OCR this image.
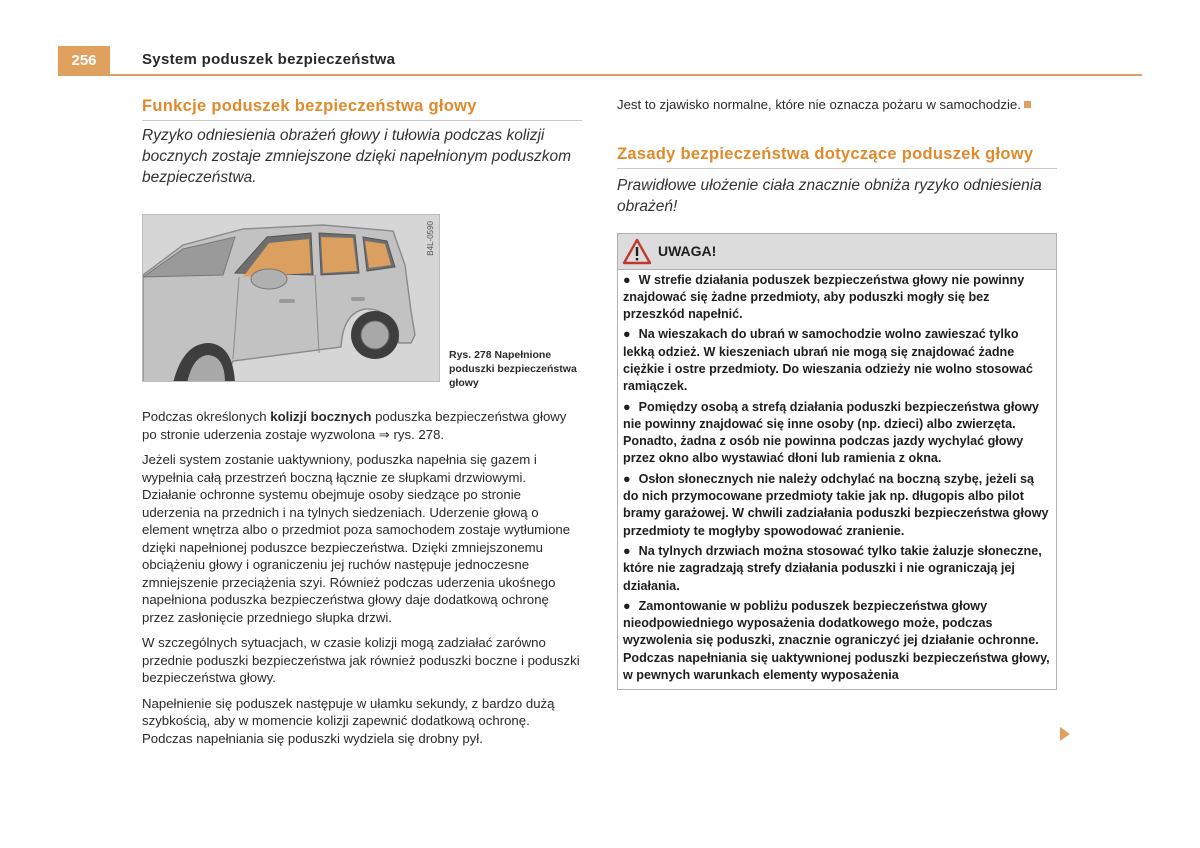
256	System poduszek bezpieczeństwa
Funkcje poduszek bezpieczeństwa głowy
Ryzyko odniesienia obrażeń głowy i tułowia podczas kolizji bocznych zostaje zmniejszone dzięki napełnionym poduszkom bezpieczeństwa.
B4L-0590
Rys. 278 Napełnione poduszki bezpieczeństwa głowy

Podczas określonych kolizji bocznych poduszka bezpieczeństwa głowy po stronie uderzenia zostaje wyzwolona ⇒ rys. 278.

Jeżeli system zostanie uaktywniony, poduszka napełnia się gazem i wypełnia całą przestrzeń boczną łącznie ze słupkami drzwiowymi. Działanie ochronne systemu obejmuje osoby siedzące po stronie uderzenia na przednich i na tylnych siedzeniach. Uderzenie głową o element wnętrza albo o przedmiot poza samochodem zostaje wytłumione dzięki napełnionej poduszce bezpieczeństwa. Dzięki zmniejszonemu obciążeniu głowy i ograniczeniu jej ruchów następuje jednoczesne zmniejszenie przeciążenia szyi. Również podczas uderzenia ukośnego napełniona poduszka bezpieczeństwa głowy daje dodatkową ochronę przez zasłonięcie przedniego słupka drzwi.

W szczególnych sytuacjach, w czasie kolizji mogą zadziałać zarówno przednie poduszki bezpieczeństwa jak również poduszki boczne i poduszki bezpieczeństwa głowy.

Napełnienie się poduszek następuje w ułamku sekundy, z bardzo dużą szybkością, aby w momencie kolizji zapewnić dodatkową ochronę. Podczas napełniania się poduszki wydziela się drobny pył.

Jest to zjawisko normalne, które nie oznacza pożaru w samochodzie.
Zasady bezpieczeństwa dotyczące poduszek głowy
Prawidłowe ułożenie ciała znacznie obniża ryzyko odniesienia obrażeń!
UWAGA!
● W strefie działania poduszek bezpieczeństwa głowy nie powinny znajdować się żadne przedmioty, aby poduszki mogły się bez przeszkód napełnić.
● Na wieszakach do ubrań w samochodzie wolno zawieszać tylko lekką odzież. W kieszeniach ubrań nie mogą się znajdować żadne ciężkie i ostre przedmioty. Do wieszania odzieży nie wolno stosować ramiączek.
● Pomiędzy osobą a strefą działania poduszki bezpieczeństwa głowy nie powinny znajdować się inne osoby (np. dzieci) albo zwierzęta. Ponadto, żadna z osób nie powinna podczas jazdy wychylać głowy przez okno albo wystawiać dłoni lub ramienia z okna.
● Osłon słonecznych nie należy odchylać na boczną szybę, jeżeli są do nich przymocowane przedmioty takie jak np. długopis albo pilot bramy garażowej. W chwili zadziałania poduszki bezpieczeństwa głowy przedmioty te mogłyby spowodować zranienie.
● Na tylnych drzwiach można stosować tylko takie żaluzje słoneczne, które nie zagradzają strefy działania poduszki i nie ograniczają jej działania.
● Zamontowanie w pobliżu poduszek bezpieczeństwa głowy nieodpowiedniego wyposażenia dodatkowego może, podczas wyzwolenia się poduszki, znacznie ograniczyć jej działanie ochronne. Podczas napełniania się uaktywnionej poduszki bezpieczeństwa głowy, w pewnych warunkach elementy wyposażenia
